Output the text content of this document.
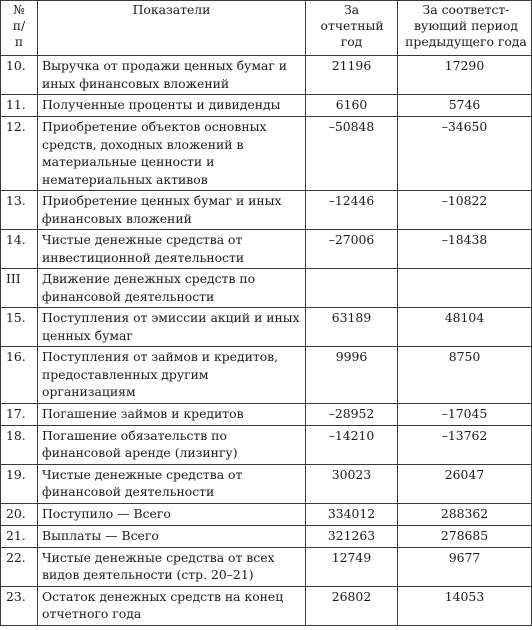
№ п/п	Показатели	За отчетный год	За соответст-вующий период предыдущего года

10.	Выручка от продажи ценных бумаг и иных финансовых вложений	21196	17290
11.	Полученные проценты и дивиденды	6160	5746
12.	Приобретение объектов основных средств, доходных вложений в материальные ценности и нематериальных активов	–50848	–34650
13.	Приобретение ценных бумаг и иных финансовых вложений	–12446	–10822
14.	Чистые денежные средства от инвестиционной деятельности	–27006	–18438
III	Движение денежных средств по финансовой деятельности		
15.	Поступления от эмиссии акций и иных ценных бумаг	63189	48104
16.	Поступления от займов и кредитов, предоставленных другим организациям	9996	8750
17.	Погашение займов и кредитов	–28952	–17045
18.	Погашение обязательств по финансовой аренде (лизингу)	–14210	–13762
19.	Чистые денежные средства от финансовой деятельности	30023	26047
20.	Поступило — Всего	334012	288362
21.	Выплаты — Всего	321263	278685
22.	Чистые денежные средства от всех видов деятельности (стр. 20–21)	12749	9677
23.	Остаток денежных средств на конец отчетного года	26802	14053
